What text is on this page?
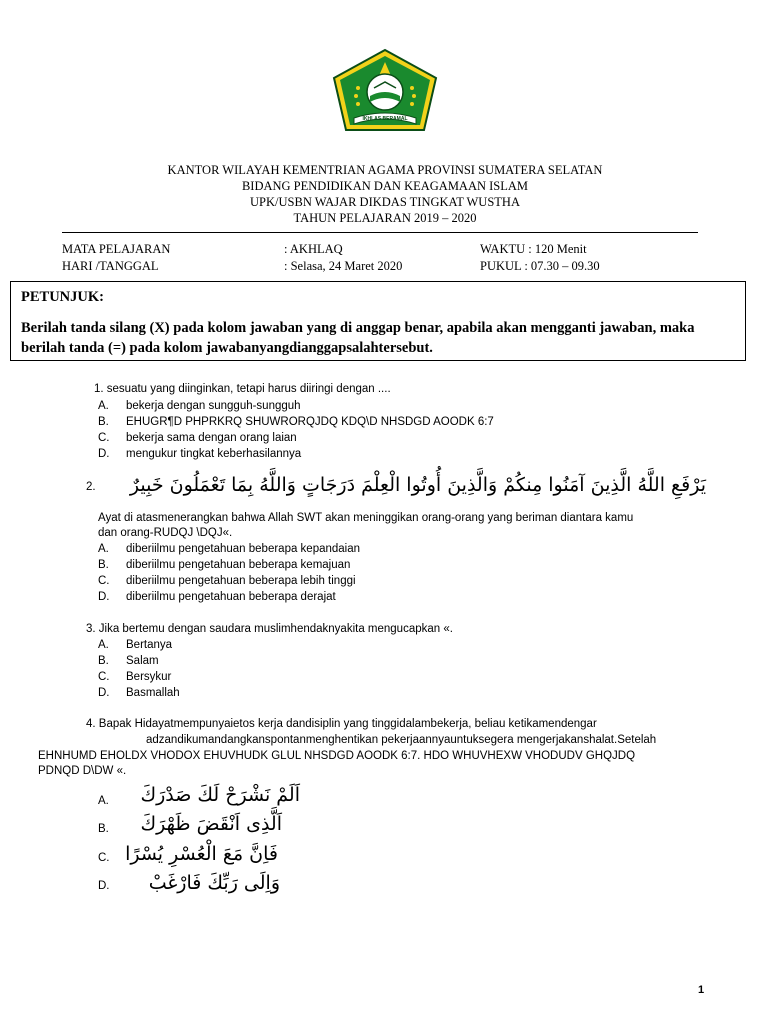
IKHLAS BERAMAL
KANTOR WILAYAH KEMENTRIAN AGAMA PROVINSI SUMATERA SELATAN
BIDANG PENDIDIKAN DAN KEAGAMAAN ISLAM
UPK/USBN WAJAR DIKDAS TINGKAT WUSTHA
TAHUN PELAJARAN 2019 – 2020
MATA PELAJARAN	: AKHLAQ	WAKTU : 120 Menit
HARI /TANGGAL	: Selasa, 24 Maret 2020	PUKUL : 07.30 – 09.30
PETUNJUK:
Berilah tanda silang (X) pada kolom jawaban yang di anggap benar, apabila akan mengganti jawaban, maka berilah tanda (=) pada kolom jawabanyangdianggapsalahtersebut.
1. sesuatu yang diinginkan, tetapi harus diiringi dengan ....
A. bekerja dengan sungguh-sungguh
B. EHUGR¶D PHPRKRQ SHUWRORQJDQ KDQ\D NHSDGD AOODK 6:7
C. bekerja sama dengan orang laian
D. mengukur tingkat keberhasilannya
2.	يَرْفَعِ اللَّهُ الَّذِينَ آمَنُوا مِنكُمْ وَالَّذِينَ أُوتُوا الْعِلْمَ دَرَجَاتٍ وَاللَّهُ بِمَا تَعْمَلُونَ خَبِيرٌ
Ayat di atasmenerangkan bahwa Allah SWT akan meninggikan orang-orang yang beriman diantara kamu
dan orang-RUDQJ \DQJ«.
A. diberiilmu pengetahuan beberapa kepandaian
B. diberiilmu pengetahuan beberapa kemajuan
C. diberiilmu pengetahuan beberapa lebih tinggi
D. diberiilmu pengetahuan beberapa derajat
3. Jika bertemu dengan saudara muslimhendaknyakita mengucapkan «.
A. Bertanya
B. Salam
C. Bersykur
D. Basmallah
4. Bapak Hidayatmempunyaietos kerja dandisiplin yang tinggidalambekerja, beliau ketikamendengar
adzandikumandangkanspontanmenghentikan pekerjaannyauntuksegera mengerjakanshalat.Setelah
EHNHUMD EHOLDX VHODOX EHUVHUDK GLUL NHSDGD AOODK 6:7. HDO WHUVHEXW VHODUDV GHQJDQ
PDNQD D\DW «.
A.	اَلَمْ نَشْرَحْ لَكَ صَدْرَكَ
B.	اَلَّذِى اَنْقَضَ ظَهْرَكَ
C. فَاِنَّ مَعَ الْعُسْرِ يُسْرًا
D.	وَاِلَى رَبِّكَ فَارْغَبْ
1
